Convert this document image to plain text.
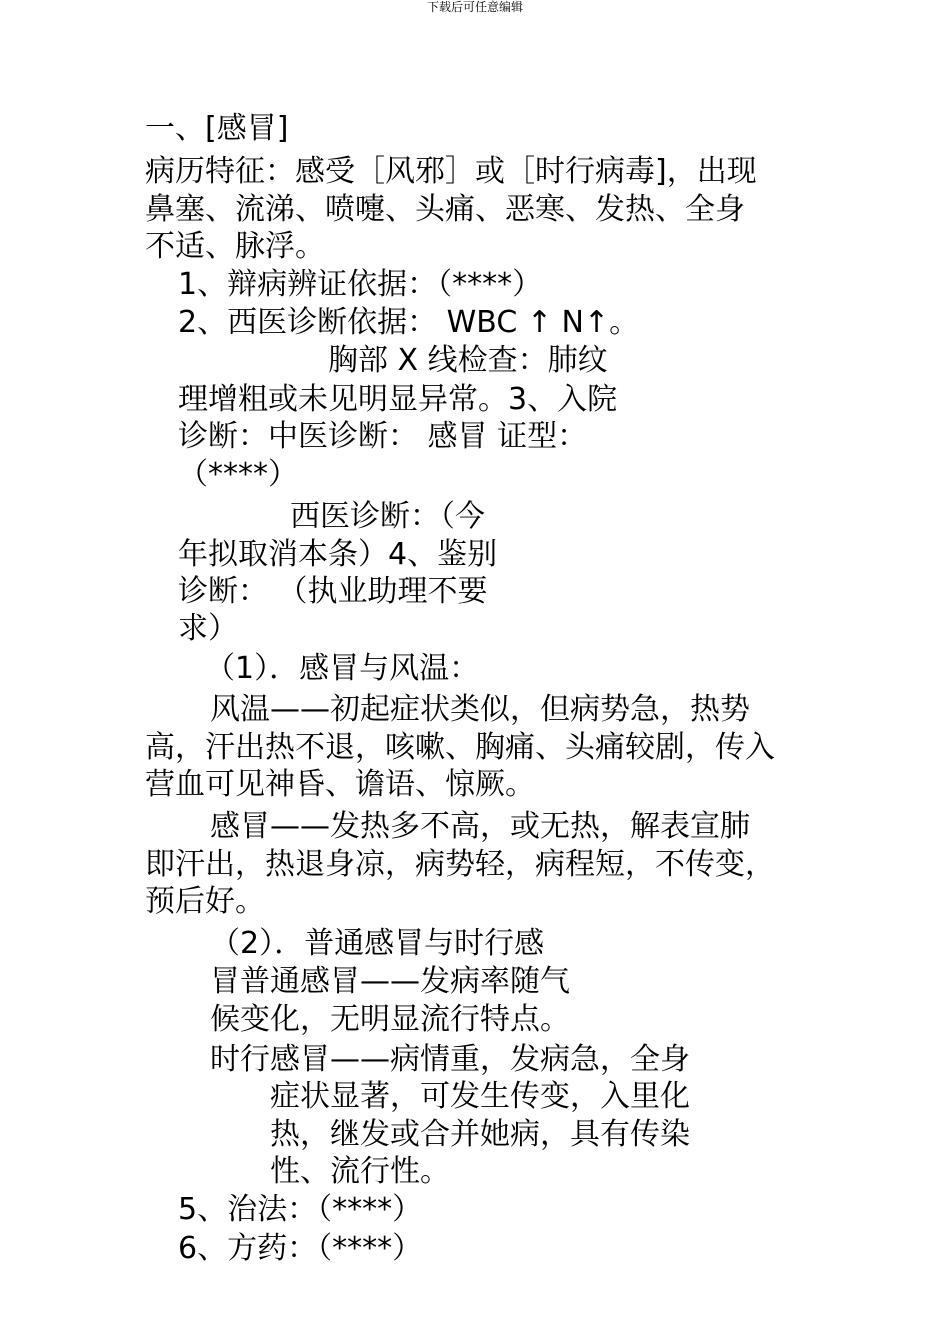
下载后可任意编辑
一、[感冒]
病历特征：感受［风邪］或［时行病毒]，出现
鼻塞、流涕、喷嚏、头痛、恶寒、发热、全身
不适、脉浮。
1、辩病辨证依据：（****）
2、西医诊断依据： WBC ↑ N↑。
胸部 X 线检查：肺纹
理增粗或未见明显异常。3、入院
诊断：中医诊断： 感冒 证型：
（****）
西医诊断：（今
年拟取消本条）4、鉴别
诊断： （执业助理不要
求）
（1）．感冒与风温：
风温——初起症状类似，但病势急，热势
高，汗出热不退，咳嗽、胸痛、头痛较剧，传入
营血可见神昏、谵语、惊厥。
感冒——发热多不高，或无热，解表宣肺
即汗出，热退身凉，病势轻，病程短，不传变，
预后好。
（2）．普通感冒与时行感
冒普通感冒——发病率随气
候变化，无明显流行特点。
时行感冒——病情重，发病急，全身
症状显著，可发生传变，入里化
热，继发或合并她病，具有传染
性、流行性。
5、治法：（****）
6、方药：（****）
